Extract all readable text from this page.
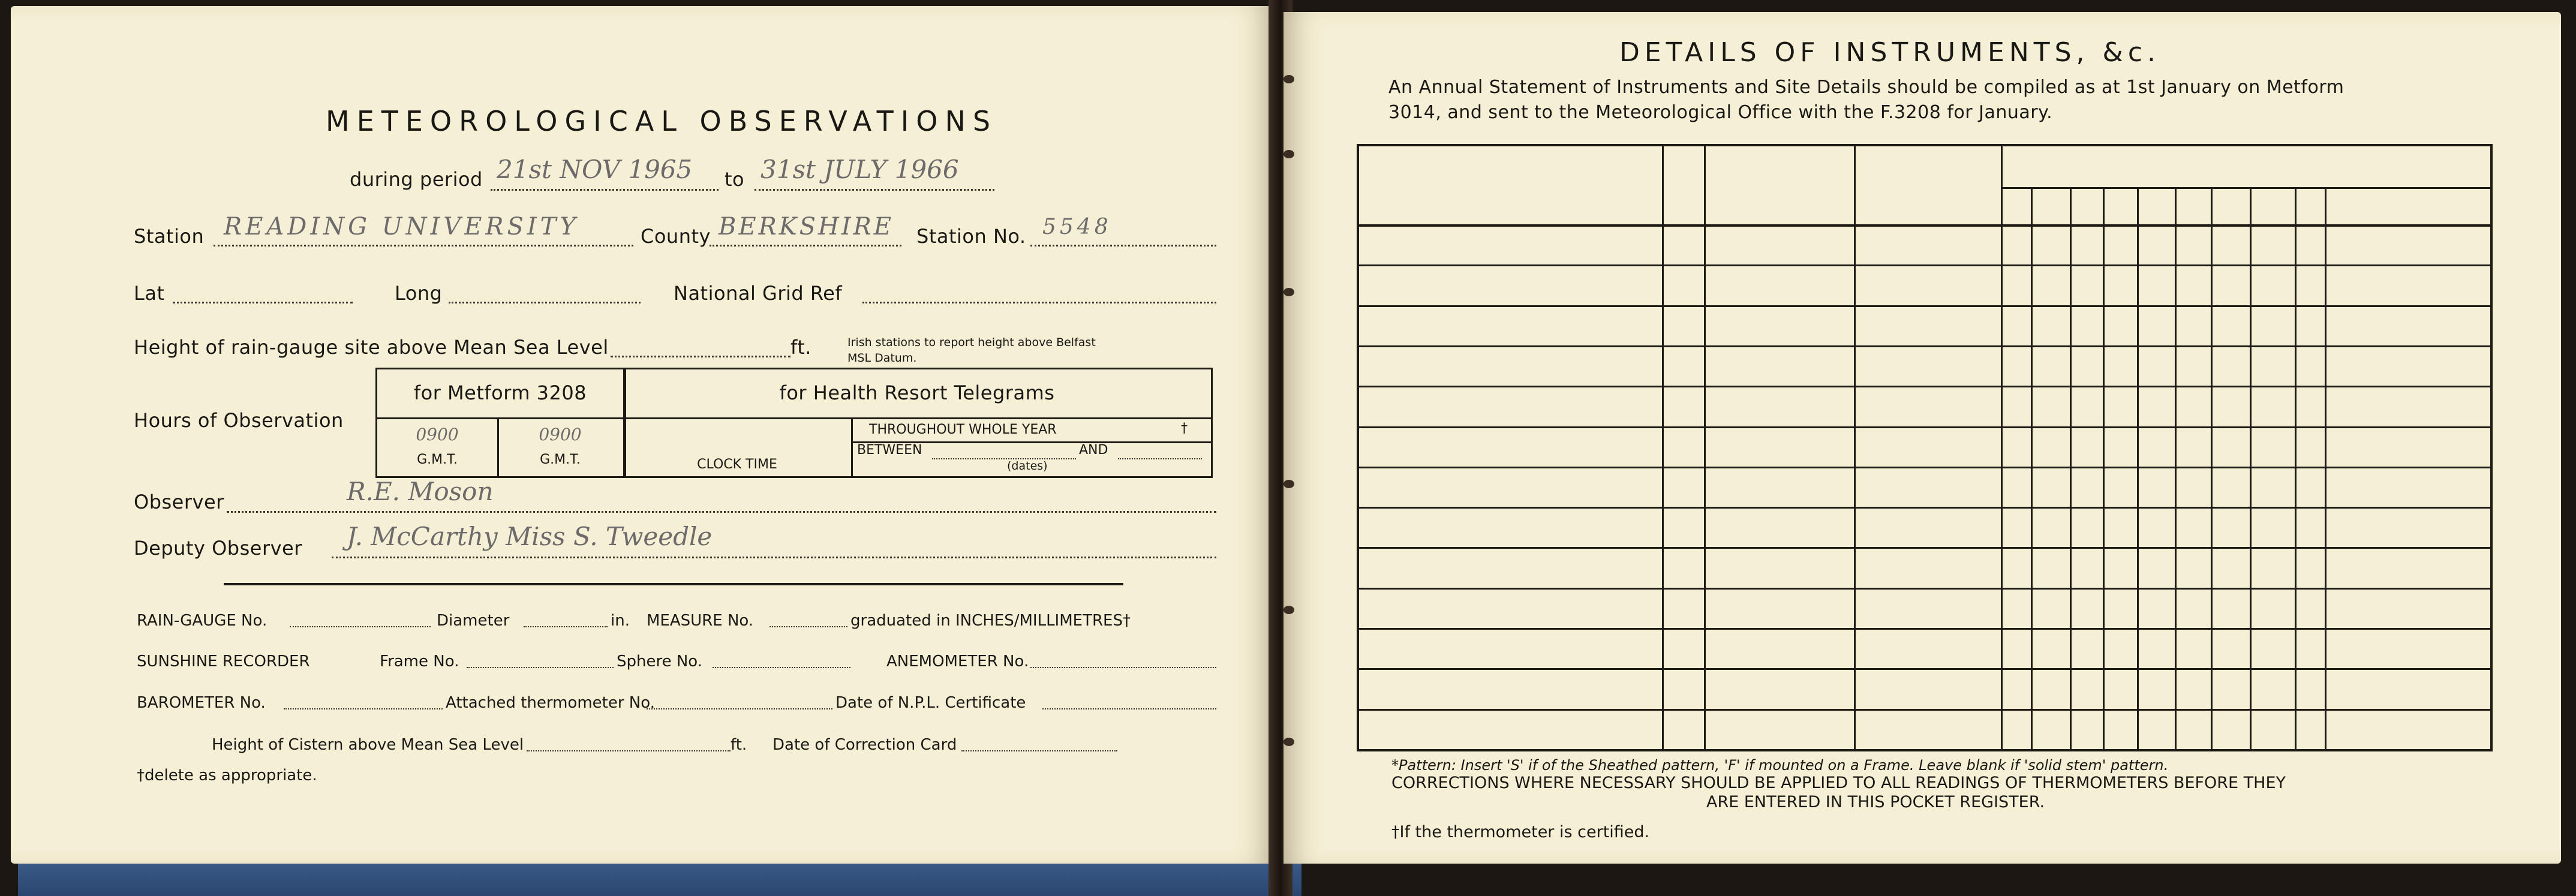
METEOROLOGICAL OBSERVATIONS
during period 21st NOV 1965 to 31st JULY 1966
Station READING UNIVERSITY	County BERKSHIRE Station No. 5548
Lat	Long	National Grid Ref
Height of rain-gauge site above Mean Sea Level	ft.	Irish stations to report height above Belfast MSL Datum.
Hours of Observation
for Metform 3208	for Health Resort Telegrams
0900	0900
G.M.T.	G.M.T.	CLOCK TIME
THROUGHOUT WHOLE YEAR	†
BETWEEN	AND
(dates)
Observer	R.E. Moson
Deputy Observer J. McCarthy Miss S. Tweedle
RAIN-GAUGE No.	Diameter	in. MEASURE No.	graduated in INCHES/MILLIMETRES†
SUNSHINE RECORDER	Frame No.	Sphere No.	ANEMOMETER No.
BAROMETER No.	Attached thermometer No.	Date of N.P.L. Certificate
Height of Cistern above Mean Sea Level	ft. Date of Correction Card
†delete as appropriate.
DETAILS OF INSTRUMENTS, &c.
An Annual Statement of Instruments and Site Details should be compiled as at 1st January on Metform
3014, and sent to the Meteorological Office with the F.3208 for January.
*Pattern: Insert 'S' if of the Sheathed pattern, 'F' if mounted on a Frame. Leave blank if 'solid stem' pattern.
CORRECTIONS WHERE NECESSARY SHOULD BE APPLIED TO ALL READINGS OF THERMOMETERS BEFORE THEY
ARE ENTERED IN THIS POCKET REGISTER.
†If the thermometer is certified.
